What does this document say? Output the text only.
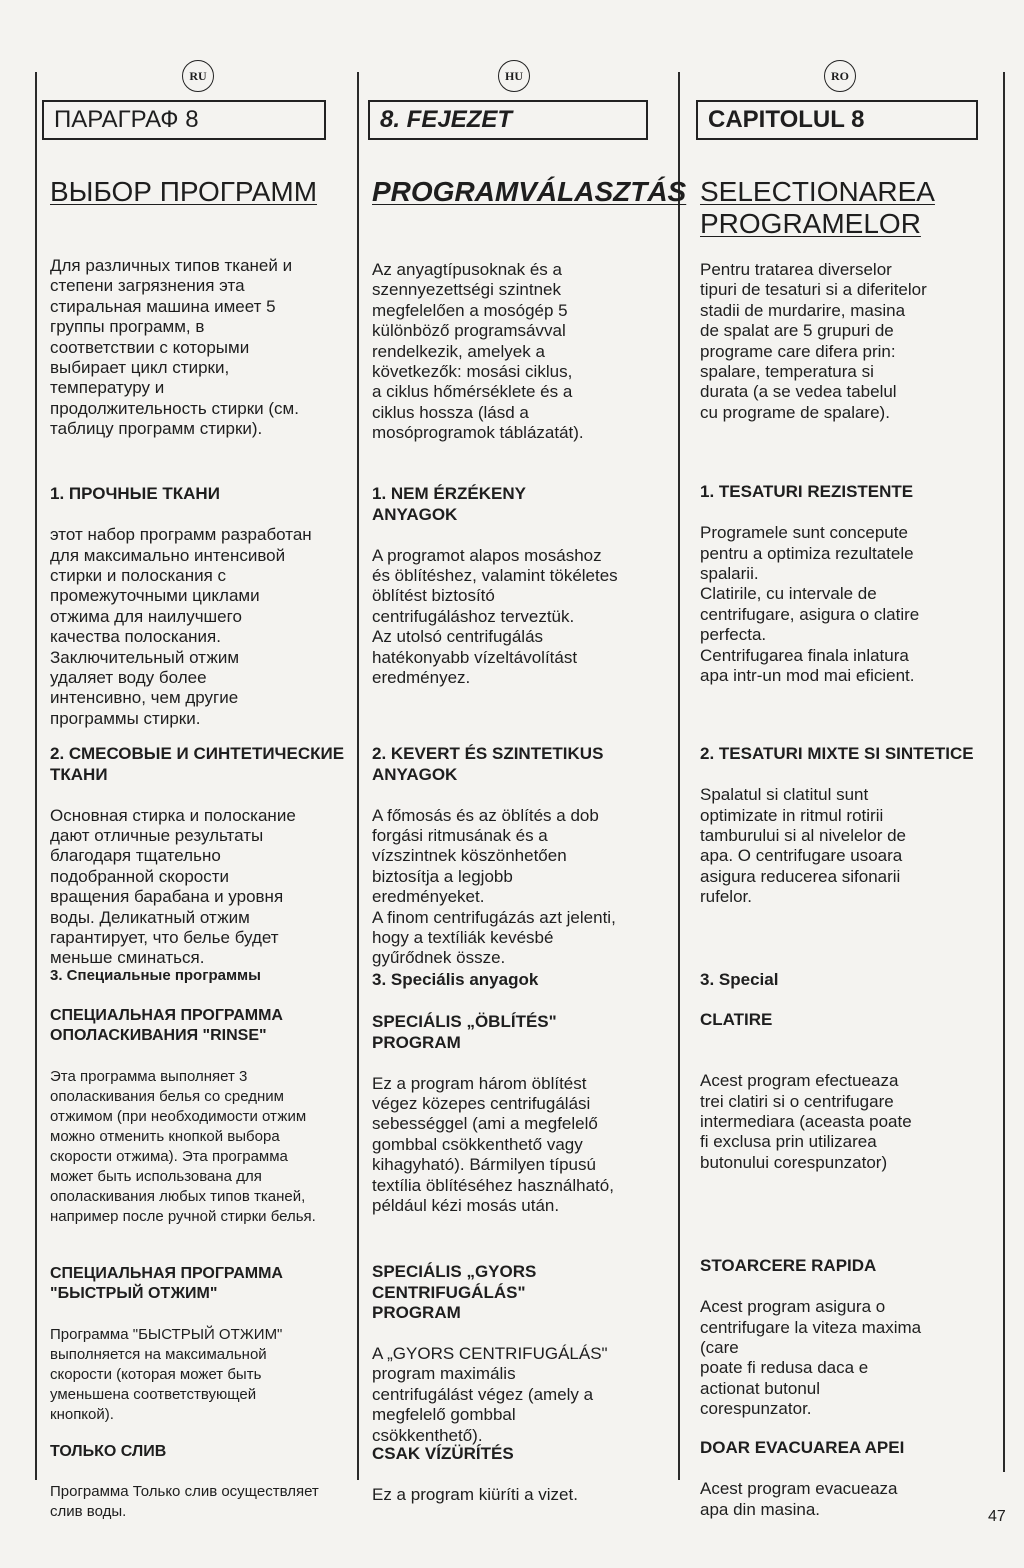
RU
ПАРАГРАФ 8
ВЫБОР ПРОГРАММ
Для различных типов тканей и
степени загрязнения эта
стиральная машина имеет 5
группы программ, в
соответствии с которыми
выбирает цикл стирки,
температуру и
продолжительность стирки (см.
таблицу программ стирки).

1. ПРОЧНЫЕ ТКАНИ

этот набор программ разработан
для максимально интенсивой
стирки и полоскания с
промежуточными циклами
отжима для наилучшего
качества полоскания.
Заключительный отжим
удаляет воду более
интенсивно, чем другие
программы стирки.

2. СМЕСОВЫЕ И СИНТЕТИЧЕСКИЕ
ТКАНИ

Основная стирка и полоскание
дают отличные результаты
благодаря тщательно
подобранной скорости
вращения барабана и уровня
воды. Деликатный отжим
гарантирует, что белье будет
меньше сминаться.

3. Специальные программы

СПЕЦИАЛЬНАЯ ПРОГРАММА
ОПОЛАСКИВАНИЯ "RINSE"

Эта программа выполняет 3
ополаскивания белья со средним
отжимом (при необходимости отжим
можно отменить кнопкой выбора
скорости отжима). Эта программа
может быть использована для
ополаскивания любых типов тканей,
например после ручной стирки белья.

СПЕЦИАЛЬНАЯ ПРОГРАММА
"БЫСТРЫЙ ОТЖИМ"

Программа "БЫСТРЫЙ ОТЖИМ"
выполняется на максимальной
скорости (которая может быть
уменьшена соответствующей
кнопкой).

ТОЛЬКО СЛИВ

Программа Только слив осуществляет
слив воды.

HU
8. FEJEZET
PROGRAMVÁLASZTÁS
Az anyagtípusoknak és a
szennyezettségi szintnek
megfelelően a mosógép 5
különböző programsávval
rendelkezik, amelyek a
következők: mosási ciklus,
a ciklus hőmérséklete és a
ciklus hossza (lásd a
mosóprogramok táblázatát).

1. NEM ÉRZÉKENY
ANYAGOK

A programot alapos mosáshoz
és öblítéshez, valamint tökéletes
öblítést biztosító
centrifugáláshoz terveztük.
Az utolsó centrifugálás
hatékonyabb vízeltávolítást
eredményez.

2. KEVERT ÉS SZINTETIKUS
ANYAGOK

A főmosás és az öblítés a dob
forgási ritmusának és a
vízszintnek köszönhetően
biztosítja a legjobb
eredményeket.
A finom centrifugázás azt jelenti,
hogy a textíliák kevésbé
gyűrődnek össze.

3. Speciális anyagok

SPECIÁLIS „ÖBLÍTÉS"
PROGRAM

Ez a program három öblítést
végez közepes centrifugálási
sebességgel (ami a megfelelő
gombbal csökkenthető vagy
kihagyható). Bármilyen típusú
textília öblítéséhez használható,
például kézi mosás után.

SPECIÁLIS „GYORS
CENTRIFUGÁLÁS"
PROGRAM

A „GYORS CENTRIFUGÁLÁS"
program maximális
centrifugálást végez (amely a
megfelelő gombbal
csökkenthető).

CSAK VÍZÜRÍTÉS

Ez a program kiüríti a vizet.

RO
CAPITOLUL 8
SELECTIONAREA
PROGRAMELOR
Pentru tratarea diverselor
tipuri de tesaturi si a diferitelor
stadii de murdarire, masina
de spalat are 5 grupuri de
programe care difera prin:
spalare, temperatura si
durata (a se vedea tabelul
cu programe de spalare).

1. TESATURI REZISTENTE

Programele sunt concepute
pentru a optimiza rezultatele
spalarii.
Clatirile, cu intervale de
centrifugare, asigura o clatire
perfecta.
Centrifugarea finala inlatura
apa intr-un mod mai eficient.

2. TESATURI MIXTE SI SINTETICE

Spalatul si clatitul sunt
optimizate in ritmul rotirii
tamburului si al nivelelor de
apa. O centrifugare usoara
asigura reducerea sifonarii
rufelor.

3. Special

CLATIRE

Acest program efectueaza
trei clatiri si o centrifugare
intermediara (aceasta poate
fi exclusa prin utilizarea
butonului corespunzator)

STOARCERE RAPIDA

Acest program asigura o
centrifugare la viteza maxima
(care
poate fi redusa daca e
actionat butonul
corespunzator.

DOAR EVACUAREA APEI

Acest program evacueaza
apa din masina.	47
